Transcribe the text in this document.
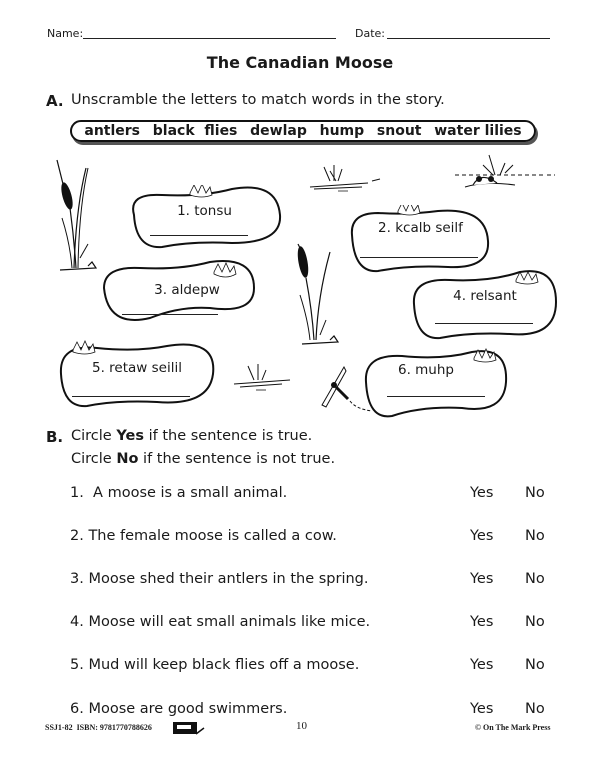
Name:	Date:
The Canadian Moose
A. Unscramble the letters to match words in the story.
antlers black  flies dewlap hump snout water lilies
1. tonsu
2. kcalb seilf
3. aldepw	4. relsant
5. retaw seilil	6. muhp
B. Circle Yes if the sentence is true.
Circle No if the sentence is not true.
1.  A moose is a small animal.	Yes No
2. The female moose is called a cow.	Yes No
3. Moose shed their antlers in the spring.	Yes No
4. Moose will eat small animals like mice.	Yes No
5. Mud will keep black flies off a moose.	Yes No
6. Moose are good swimmers.	Yes No
SSJ1-82  ISBN: 9781770788626	10	© On The Mark Press
